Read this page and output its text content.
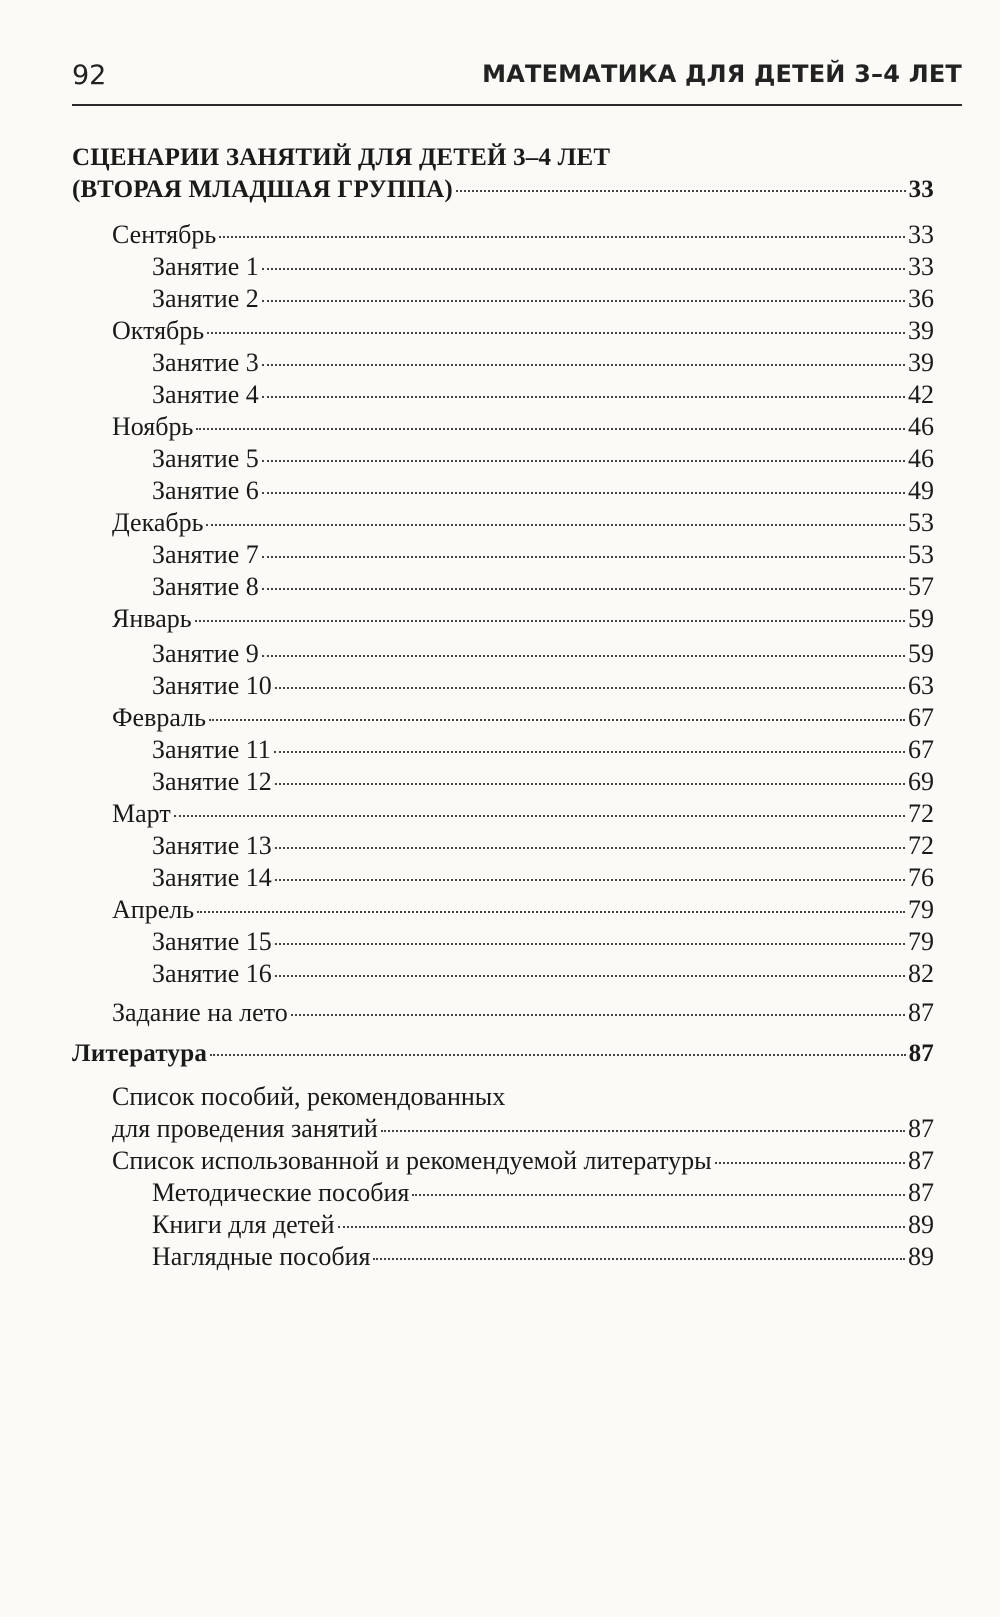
92	МАТЕМАТИКА ДЛЯ ДЕТЕЙ 3–4 ЛЕТ
СЦЕНАРИИ ЗАНЯТИЙ ДЛЯ ДЕТЕЙ 3–4 ЛЕТ
(ВТОРАЯ МЛАДШАЯ ГРУППА)	33
Сентябрь	33
Занятие 1	33
Занятие 2	36
Октябрь	39
Занятие 3	39
Занятие 4	42
Ноябрь	46
Занятие 5	46
Занятие 6	49
Декабрь	53
Занятие 7	53
Занятие 8	57
Январь	59
Занятие 9	59
Занятие 10	63
Февраль	67
Занятие 11	67
Занятие 12	69
Март	72
Занятие 13	72
Занятие 14	76
Апрель	79
Занятие 15	79
Занятие 16	82
Задание на лето	87
Литература	87
Список пособий, рекомендованных
для проведения занятий	87
Список использованной и рекомендуемой литературы	87
Методические пособия	87
Книги для детей	89
Наглядные пособия	89
